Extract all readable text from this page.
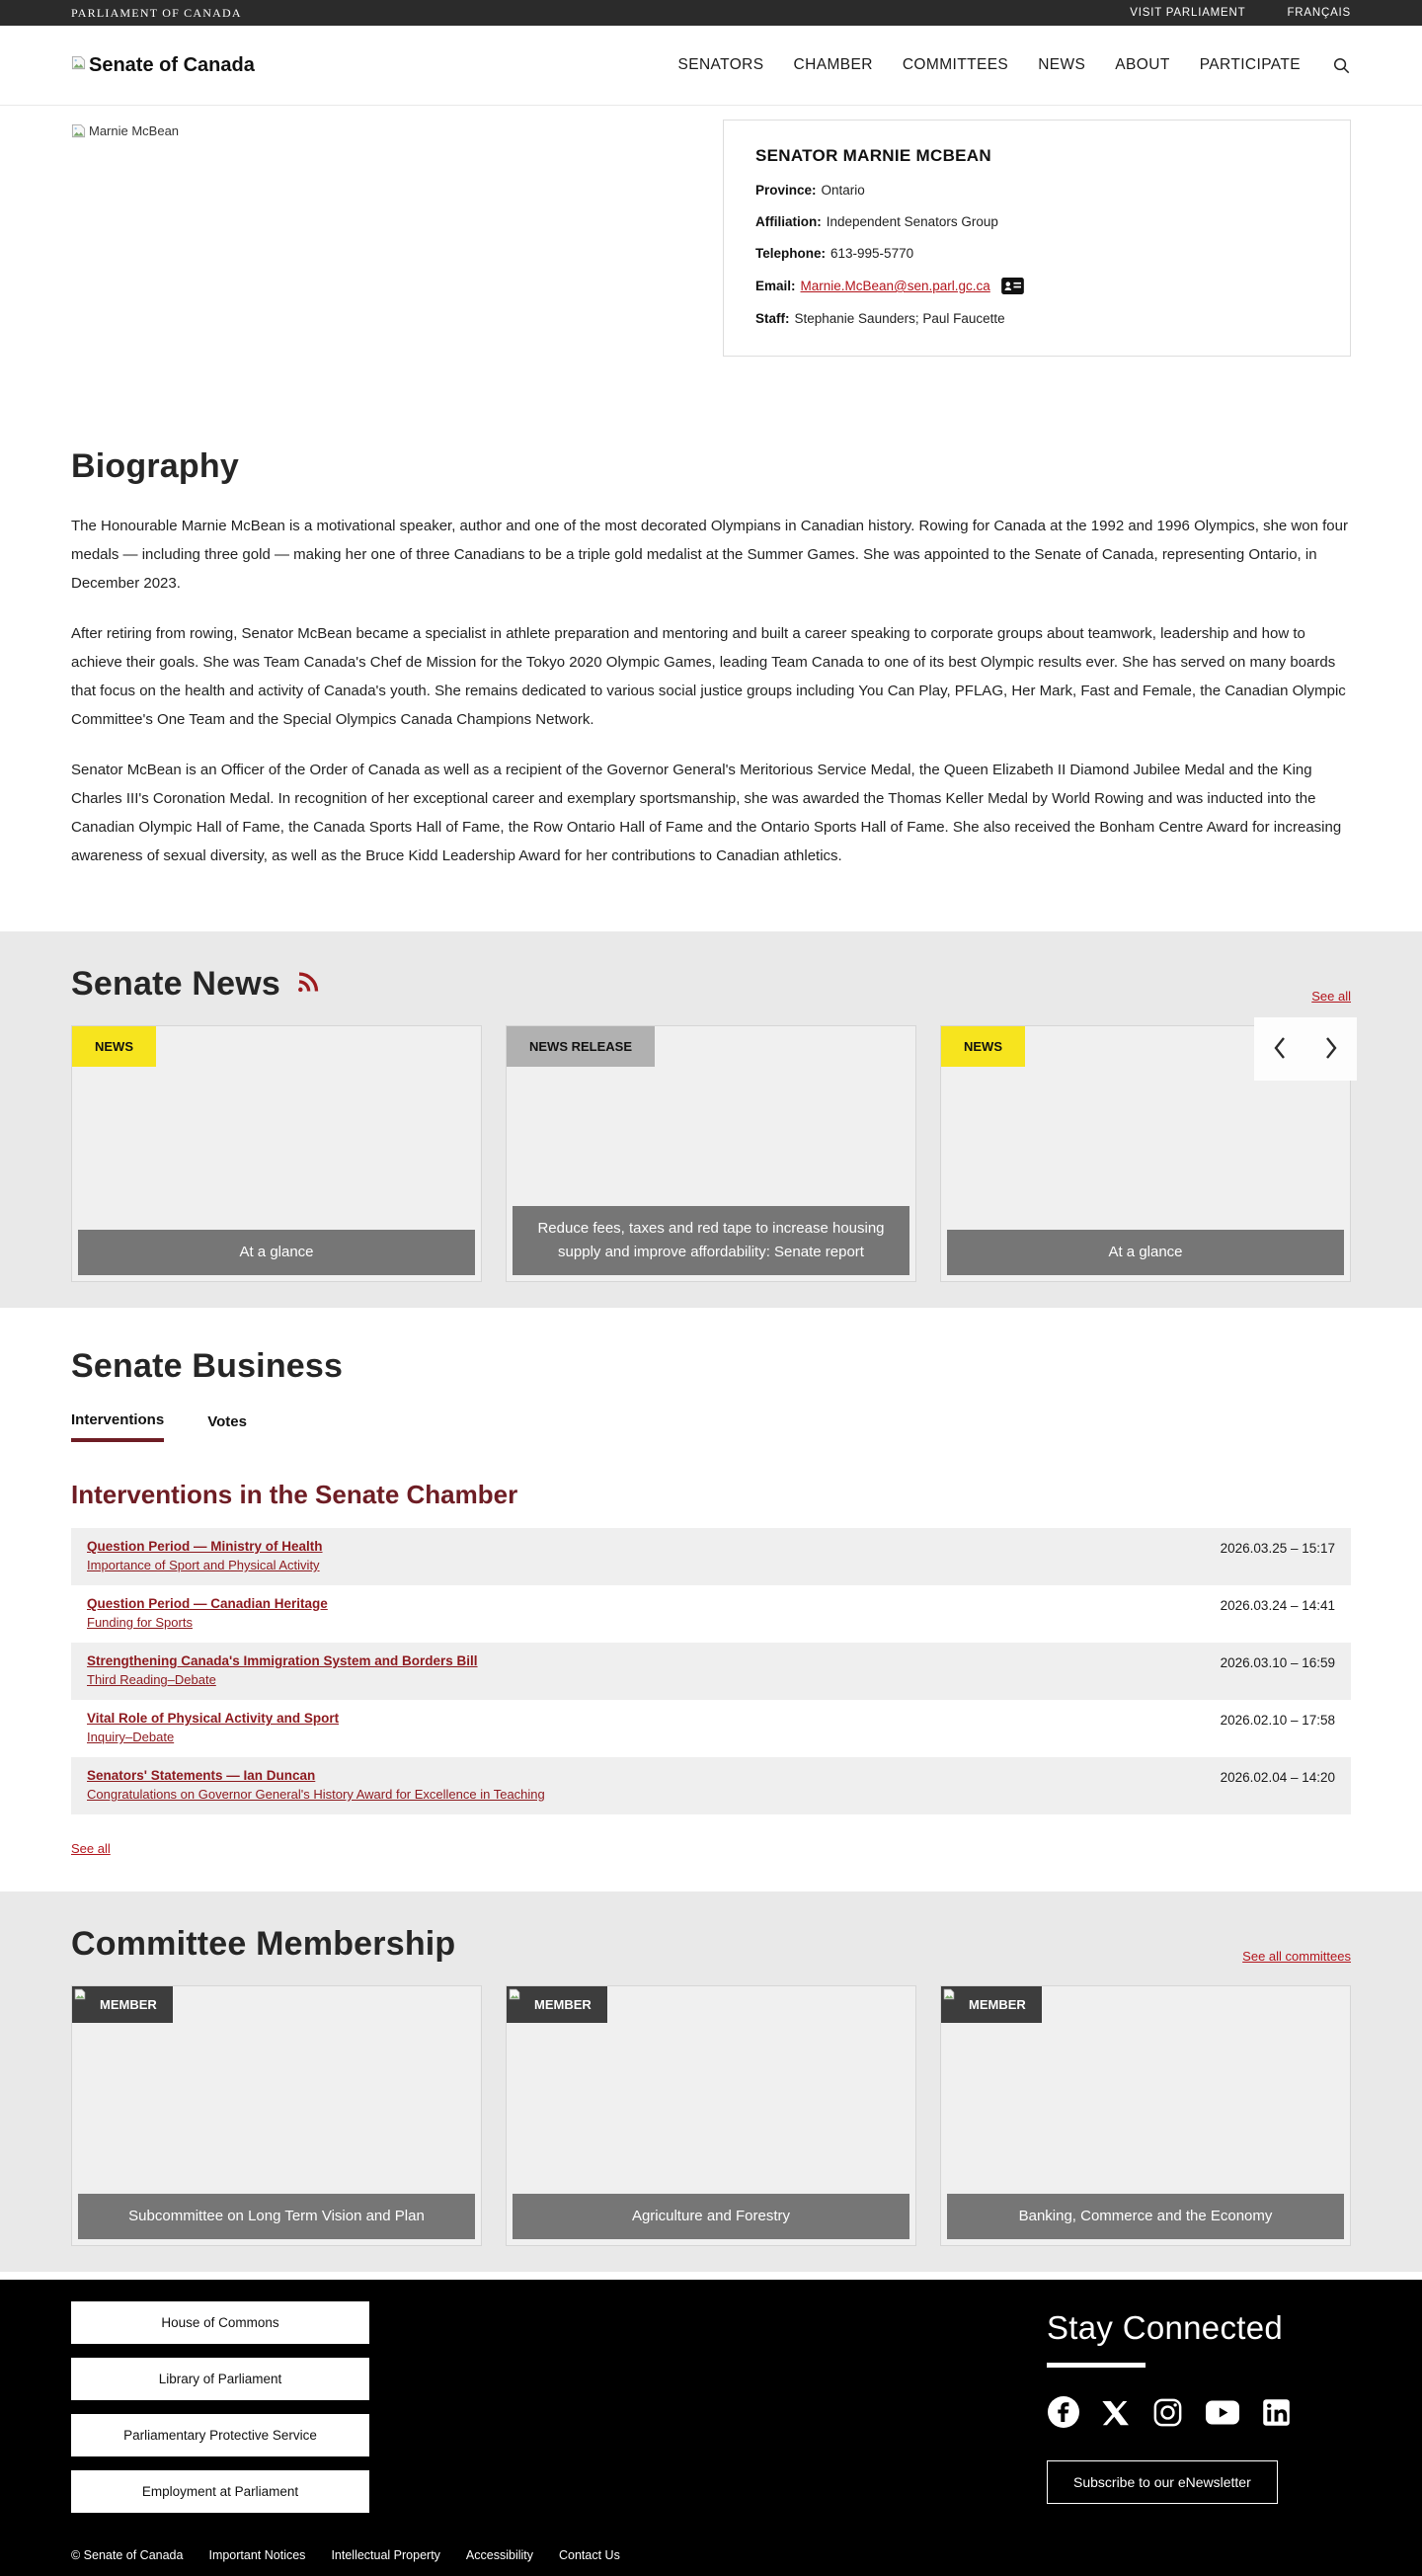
PARLIAMENT OF CANADA	VISIT PARLIAMENT	FRANÇAIS
Senate of Canada	SENATORS CHAMBER COMMITTEES NEWS ABOUT PARTICIPATE
Marnie McBean
SENATOR MARNIE MCBEAN
Province: Ontario
Affiliation: Independent Senators Group
Telephone: 613-995-5770
Email: Marnie.McBean@sen.parl.gc.ca
Staff: Stephanie Saunders; Paul Faucette
Biography

The Honourable Marnie McBean is a motivational speaker, author and one of the most decorated Olympians in Canadian history. Rowing for Canada at the 1992 and 1996 Olympics, she won four medals — including three gold — making her one of three Canadians to be a triple gold medalist at the Summer Games. She was appointed to the Senate of Canada, representing Ontario, in December 2023.

After retiring from rowing, Senator McBean became a specialist in athlete preparation and mentoring and built a career speaking to corporate groups about teamwork, leadership and how to achieve their goals. She was Team Canada's Chef de Mission for the Tokyo 2020 Olympic Games, leading Team Canada to one of its best Olympic results ever. She has served on many boards that focus on the health and activity of Canada's youth. She remains dedicated to various social justice groups including You Can Play, PFLAG, Her Mark, Fast and Female, the Canadian Olympic Committee's One Team and the Special Olympics Canada Champions Network.

Senator McBean is an Officer of the Order of Canada as well as a recipient of the Governor General's Meritorious Service Medal, the Queen Elizabeth II Diamond Jubilee Medal and the King Charles III's Coronation Medal. In recognition of her exceptional career and exemplary sportsmanship, she was awarded the Thomas Keller Medal by World Rowing and was inducted into the Canadian Olympic Hall of Fame, the Canada Sports Hall of Fame, the Row Ontario Hall of Fame and the Ontario Sports Hall of Fame. She also received the Bonham Centre Award for increasing awareness of sexual diversity, as well as the Bruce Kidd Leadership Award for her contributions to Canadian athletics.

Senate News	See all
NEWS
At a glance
NEWS RELEASE
Reduce fees, taxes and red tape to increase housing supply and improve affordability: Senate report
NEWS
At a glance
Senate Business
Interventions	Votes
Interventions in the Senate Chamber
Question Period — Ministry of Health
Importance of Sport and Physical Activity
2026.03.25 – 15:17
Question Period — Canadian Heritage
Funding for Sports
2026.03.24 – 14:41
Strengthening Canada's Immigration System and Borders Bill
Third Reading–Debate
2026.03.10 – 16:59
Vital Role of Physical Activity and Sport
Inquiry–Debate
2026.02.10 – 17:58
Senators' Statements — Ian Duncan
Congratulations on Governor General's History Award for Excellence in Teaching
2026.02.04 – 14:20
See all
Committee Membership	See all committees
MEMBER
Subcommittee on Long Term Vision and Plan
MEMBER
Agriculture and Forestry
MEMBER
Banking, Commerce and the Economy
House of Commons
Library of Parliament
Parliamentary Protective Service
Employment at Parliament
Stay Connected
Subscribe to our eNewsletter
© Senate of Canada Important Notices Intellectual Property Accessibility Contact Us
